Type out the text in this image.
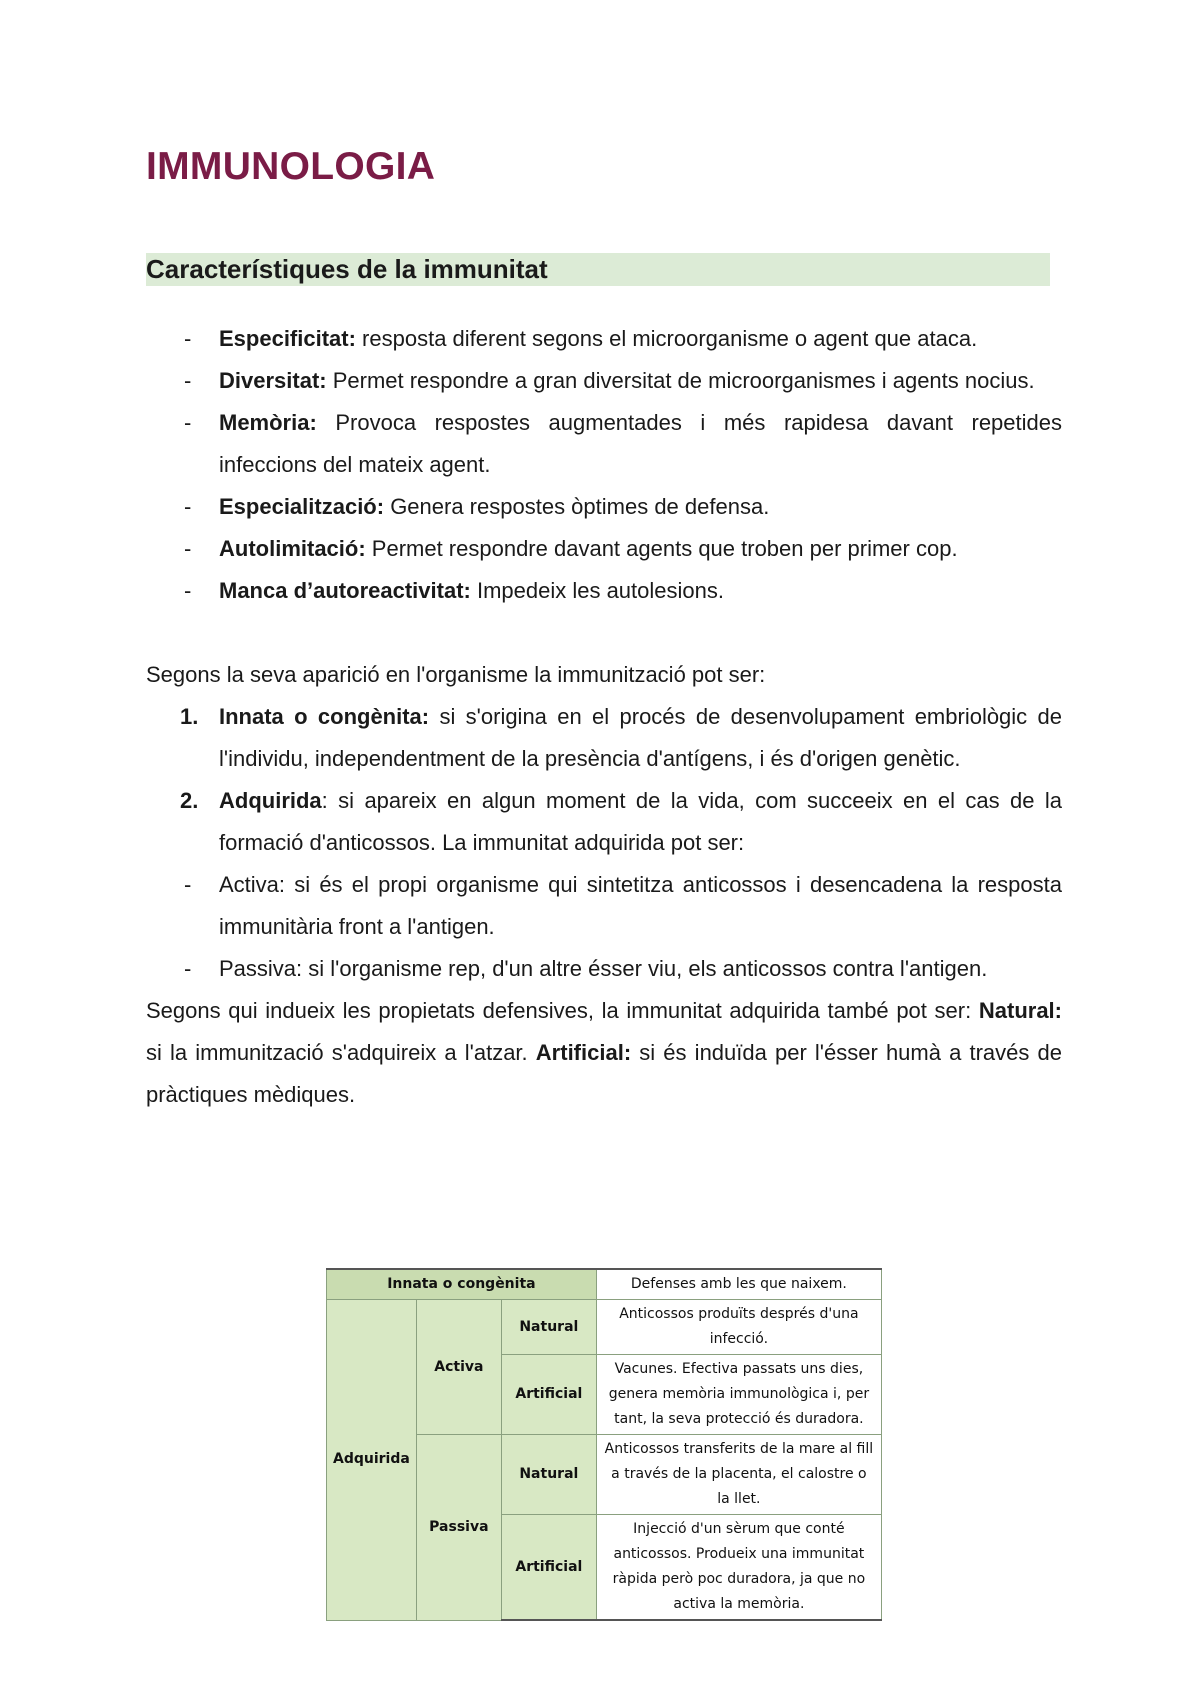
IMMUNOLOGIA
Característiques de la immunitat
- Especificitat: resposta diferent segons el microorganisme o agent que ataca.
- Diversitat: Permet respondre a gran diversitat de microorganismes i agents nocius.
- Memòria: Provoca respostes augmentades i més rapidesa davant repetides infeccions del mateix agent.
- Especialització: Genera respostes òptimes de defensa.
- Autolimitació: Permet respondre davant agents que troben per primer cop.
- Manca d’autoreactivitat: Impedeix les autolesions.

Segons la seva aparició en l'organisme la immunització pot ser:

1. Innata o congènita: si s'origina en el procés de desenvolupament embriològic de l'individu, independentment de la presència d'antígens, i és d'origen genètic.
2. Adquirida: si apareix en algun moment de la vida, com succeeix en el cas de la formació d'anticossos. La immunitat adquirida pot ser:
- Activa: si és el propi organisme qui sintetitza anticossos i desencadena la resposta immunitària front a l'antigen.
- Passiva: si l'organisme rep, d'un altre ésser viu, els anticossos contra l'antigen.

Segons qui indueix les propietats defensives, la immunitat adquirida també pot ser: Natural: si la immunització s'adquireix a l'atzar. Artificial: si és induïda per l'ésser humà a través de pràctiques mèdiques.

Innata o congènita			Defenses amb les que naixem.
Adquirida	Activa	Natural	Anticossos produïts després d'una infecció.
		Artificial	Vacunes. Efectiva passats uns dies, genera memòria immunològica i, per tant, la seva protecció és duradora.
	Passiva	Natural	Anticossos transferits de la mare al fill a través de la placenta, el calostre o la llet.
		Artificial	Injecció d'un sèrum que conté anticossos. Produeix una immunitat ràpida però poc duradora, ja que no activa la memòria.
